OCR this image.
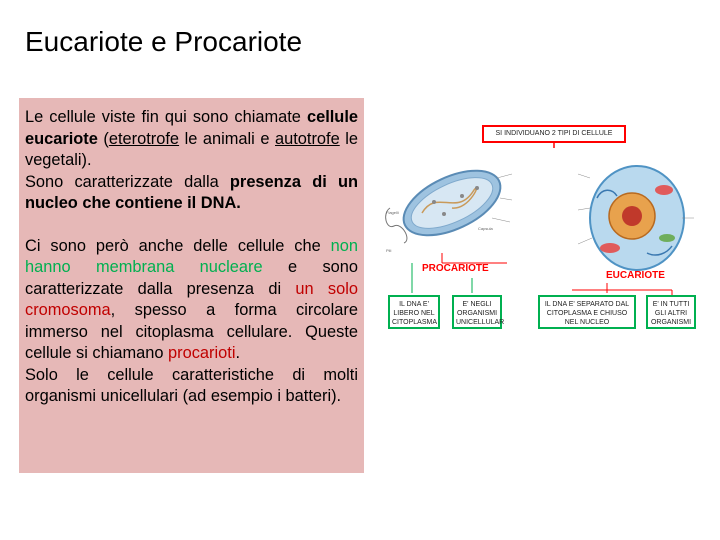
Eucariote e Procariote

Le cellule viste fin qui sono chiamate cellule eucariote (eterotrofe le animali e autotrofe le vegetali).
Sono caratterizzate dalla presenza di un nucleo che contiene il DNA.

Ci sono però anche delle cellule che non hanno membrana nucleare e sono caratterizzate dalla presenza di un solo cromosoma, spesso a forma circolare immerso nel citoplasma cellulare. Queste cellule si chiamano procarioti.
Solo le cellule caratteristiche di molti organismi unicellulari (ad esempio i batteri).

SI INDIVIDUANO 2 TIPI DI CELLULE
Flagelli
Pili
Capsula
PROCARIOTE
EUCARIOTE
IL DNA E' LIBERO NEL CITOPLASMA
E' NEGLI ORGANISMI UNICELLULAR
IL DNA E' SEPARATO DAL CITOPLASMA E CHIUSO NEL NUCLEO
E' IN TUTTI GLI ALTRI ORGANISMI
